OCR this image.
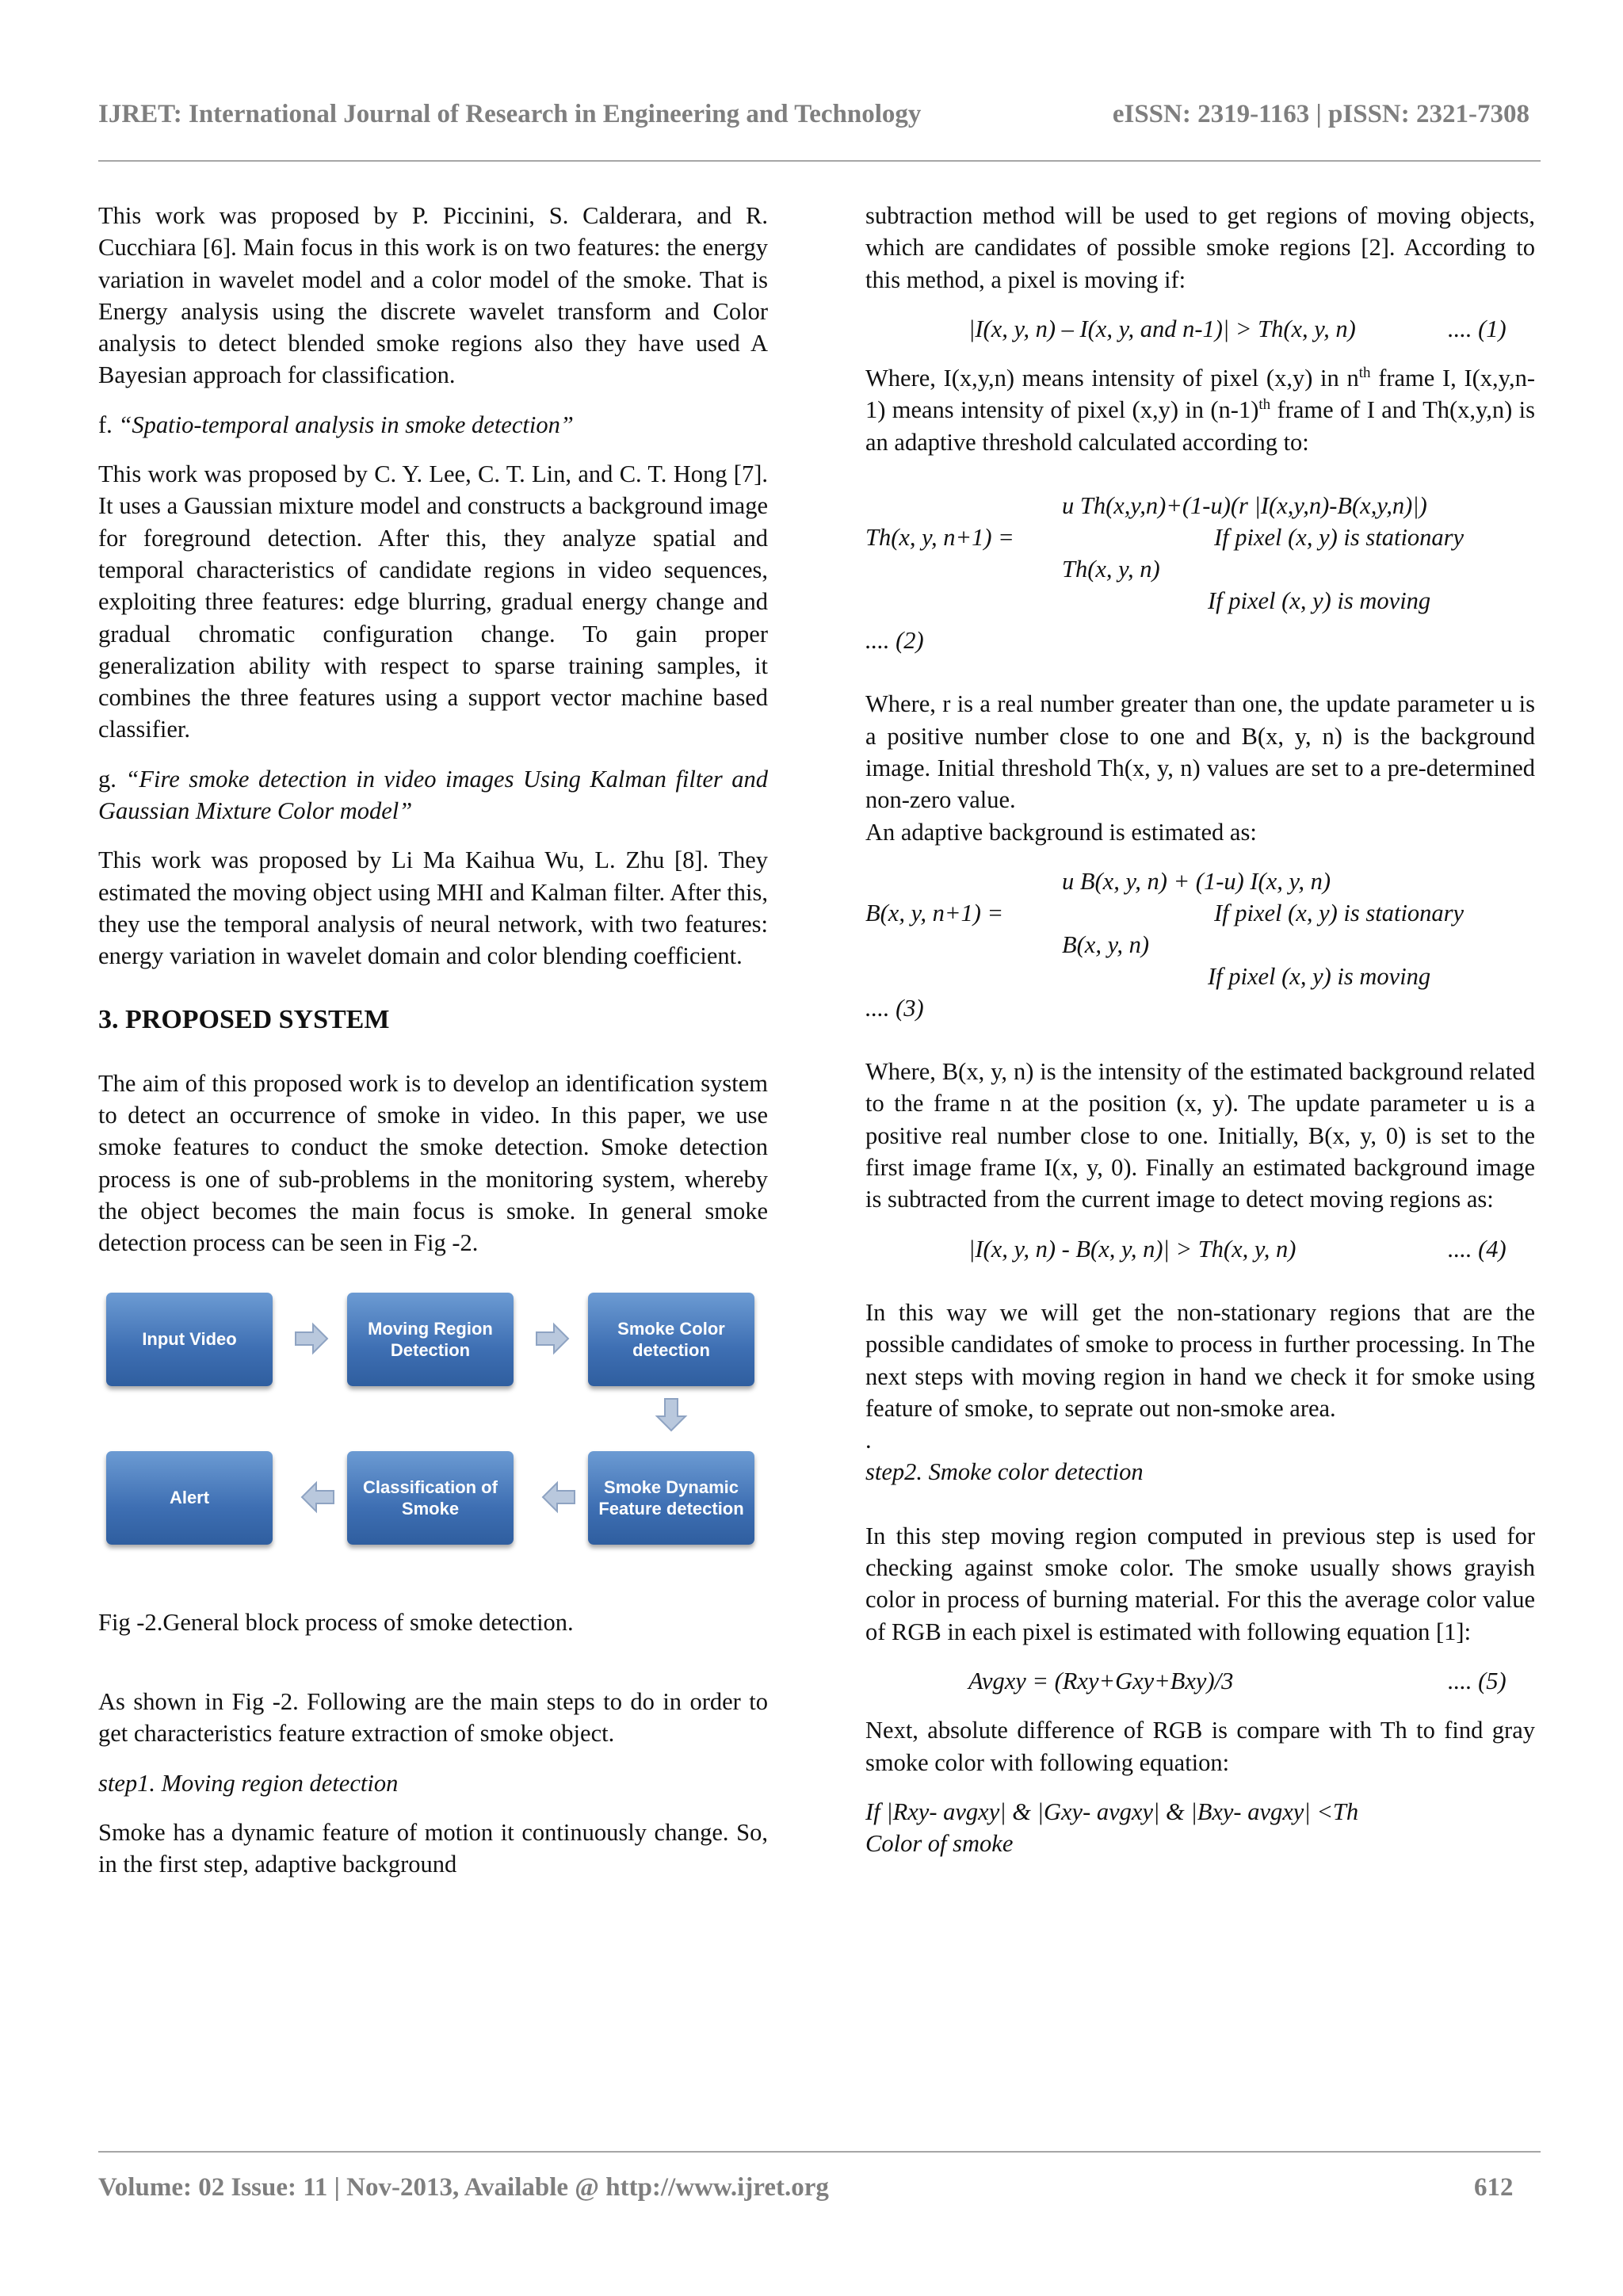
IJRET: International Journal of Research in Engineering and Technology	eISSN: 2319-1163 | pISSN: 2321-7308

This work was proposed by P. Piccinini, S. Calderara, and R. Cucchiara [6]. Main focus in this work is on two features: the energy variation in wavelet model and a color model of the smoke. That is Energy analysis using the discrete wavelet transform and Color analysis to detect blended smoke regions also they have used A Bayesian approach for classification.

f. “Spatio-temporal analysis in smoke detection”

This work was proposed by C. Y. Lee, C. T. Lin, and C. T. Hong [7]. It uses a Gaussian mixture model and constructs a background image for foreground detection. After this, they analyze spatial and temporal characteristics of candidate regions in video sequences, exploiting three features: edge blurring, gradual energy change and gradual chromatic configuration change. To gain proper generalization ability with respect to sparse training samples, it combines the three features using a support vector machine based classifier.

g. “Fire smoke detection in video images Using Kalman filter and Gaussian Mixture Color model”

This work was proposed by Li Ma Kaihua Wu, L. Zhu [8]. They estimated the moving object using MHI and Kalman filter. After this, they use the temporal analysis of neural network, with two features: energy variation in wavelet domain and color blending coefficient.

3. PROPOSED SYSTEM

The aim of this proposed work is to develop an identification system to detect an occurrence of smoke in video. In this paper, we use smoke features to conduct the smoke detection. Smoke detection process is one of sub-problems in the monitoring system, whereby the object becomes the main focus is smoke. In general smoke detection process can be seen in Fig -2.

Input Video
Moving Region Detection
Smoke Color detection
Smoke Dynamic Feature detection
Classification of Smoke
Alert

Fig -2.General block process of smoke detection.

As shown in Fig -2. Following are the main steps to do in order to get characteristics feature extraction of smoke object.

step1. Moving region detection

Smoke has a dynamic feature of motion it continuously change. So, in the first step, adaptive background

subtraction method will be used to get regions of moving objects, which are candidates of possible smoke regions [2]. According to this method, a pixel is moving if:

|I(x, y, n) – I(x, y, and n-1)| > Th(x, y, n)	.... (1)

Where, I(x,y,n) means intensity of pixel (x,y) in $n^{th}$ frame I, I(x,y,n-1) means intensity of pixel (x,y) in $(n-1)^{th}$ frame of I and Th(x,y,n) is an adaptive threshold calculated according to:

u Th(x,y,n)+(1-u)(r |I(x,y,n)-B(x,y,n)|)
Th(x, y, n+1) =	If pixel (x, y) is stationary
Th(x, y, n)
If pixel (x, y) is moving

.... (2)

Where, r is a real number greater than one, the update parameter u is a positive number close to one and B(x, y, n) is the background image. Initial threshold Th(x, y, n) values are set to a pre-determined non-zero value.

An adaptive background is estimated as:

u B(x, y, n) + (1-u) I(x, y, n)
B(x, y, n+1) =	If pixel (x, y) is stationary
B(x, y, n)
If pixel (x, y) is moving

.... (3)

Where, B(x, y, n) is the intensity of the estimated background related to the frame n at the position (x, y). The update parameter u is a positive real number close to one. Initially, B(x, y, 0) is set to the first image frame I(x, y, 0). Finally an estimated background image is subtracted from the current image to detect moving regions as:

|I(x, y, n) - B(x, y, n)| > Th(x, y, n)	.... (4)

In this way we will get the non-stationary regions that are the possible candidates of smoke to process in further processing. In The next steps with moving region in hand we check it for smoke using feature of smoke, to seprate out non-smoke area.

.

step2. Smoke color detection

In this step moving region computed in previous step is used for checking against smoke color. The smoke usually shows grayish color in process of burning material. For this the average color value of RGB in each pixel is estimated with following equation [1]:

Avgxy = (Rxy+Gxy+Bxy)/3	.... (5)

Next, absolute difference of RGB is compare with Th to find gray smoke color with following equation:

If |Rxy- avgxy| & |Gxy- avgxy| & |Bxy- avgxy| <Th

Color of smoke

Volume: 02 Issue: 11 | Nov-2013, Available @ http://www.ijret.org	612
